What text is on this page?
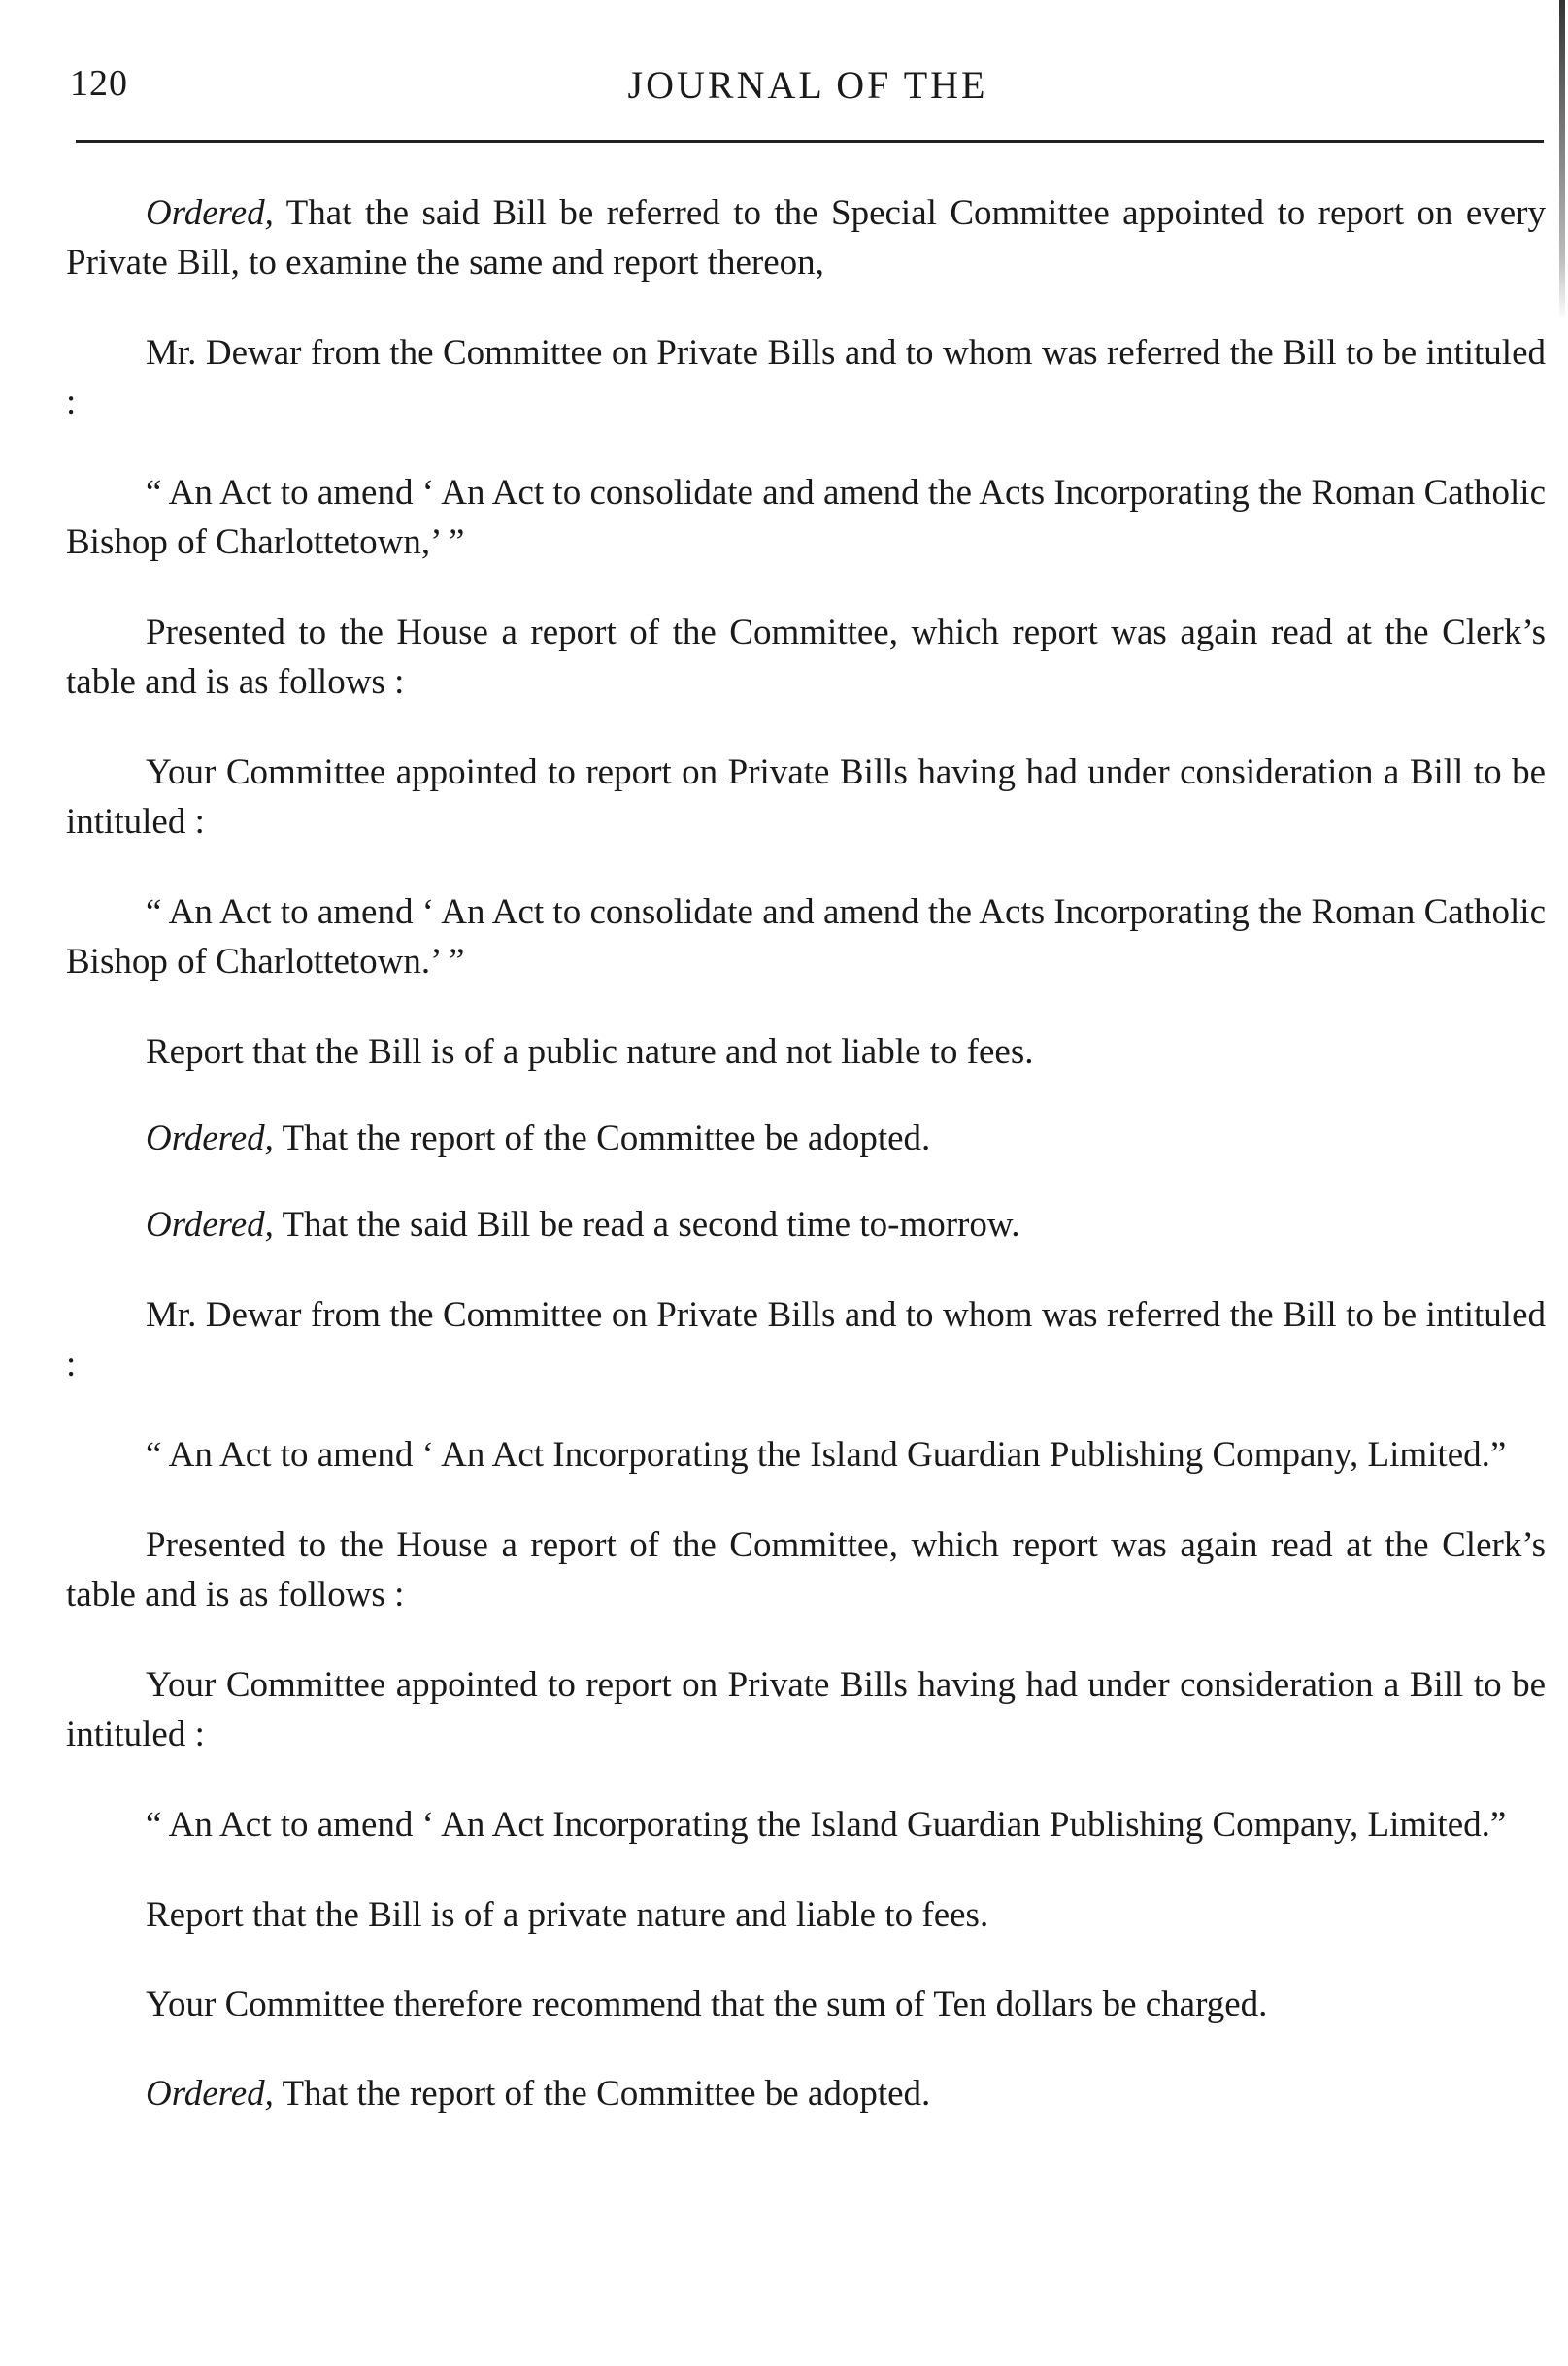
120	JOURNAL OF THE

Ordered, That the said Bill be referred to the Special Committee appointed to report on every Private Bill, to examine the same and report thereon,

Mr. Dewar from the Committee on Private Bills and to whom was referred the Bill to be intituled :

“ An Act to amend ‘ An Act to consolidate and amend the Acts Incorporating the Roman Catholic Bishop of Charlottetown,’ ”

Presented to the House a report of the Committee, which report was again read at the Clerk’s table and is as follows :

Your Committee appointed to report on Private Bills having had under consideration a Bill to be intituled :

“ An Act to amend ‘ An Act to consolidate and amend the Acts Incorporating the Roman Catholic Bishop of Charlottetown.’ ”

Report that the Bill is of a public nature and not liable to fees.

Ordered, That the report of the Committee be adopted.

Ordered, That the said Bill be read a second time to-morrow.

Mr. Dewar from the Committee on Private Bills and to whom was referred the Bill to be intituled :

“ An Act to amend ‘ An Act Incorporating the Island Guardian Publishing Company, Limited.”

Presented to the House a report of the Committee, which report was again read at the Clerk’s table and is as follows :

Your Committee appointed to report on Private Bills having had under consideration a Bill to be intituled :

“ An Act to amend ‘ An Act Incorporating the Island Guardian Publishing Company, Limited.”

Report that the Bill is of a private nature and liable to fees.

Your Committee therefore recommend that the sum of Ten dollars be charged.

Ordered, That the report of the Committee be adopted.
